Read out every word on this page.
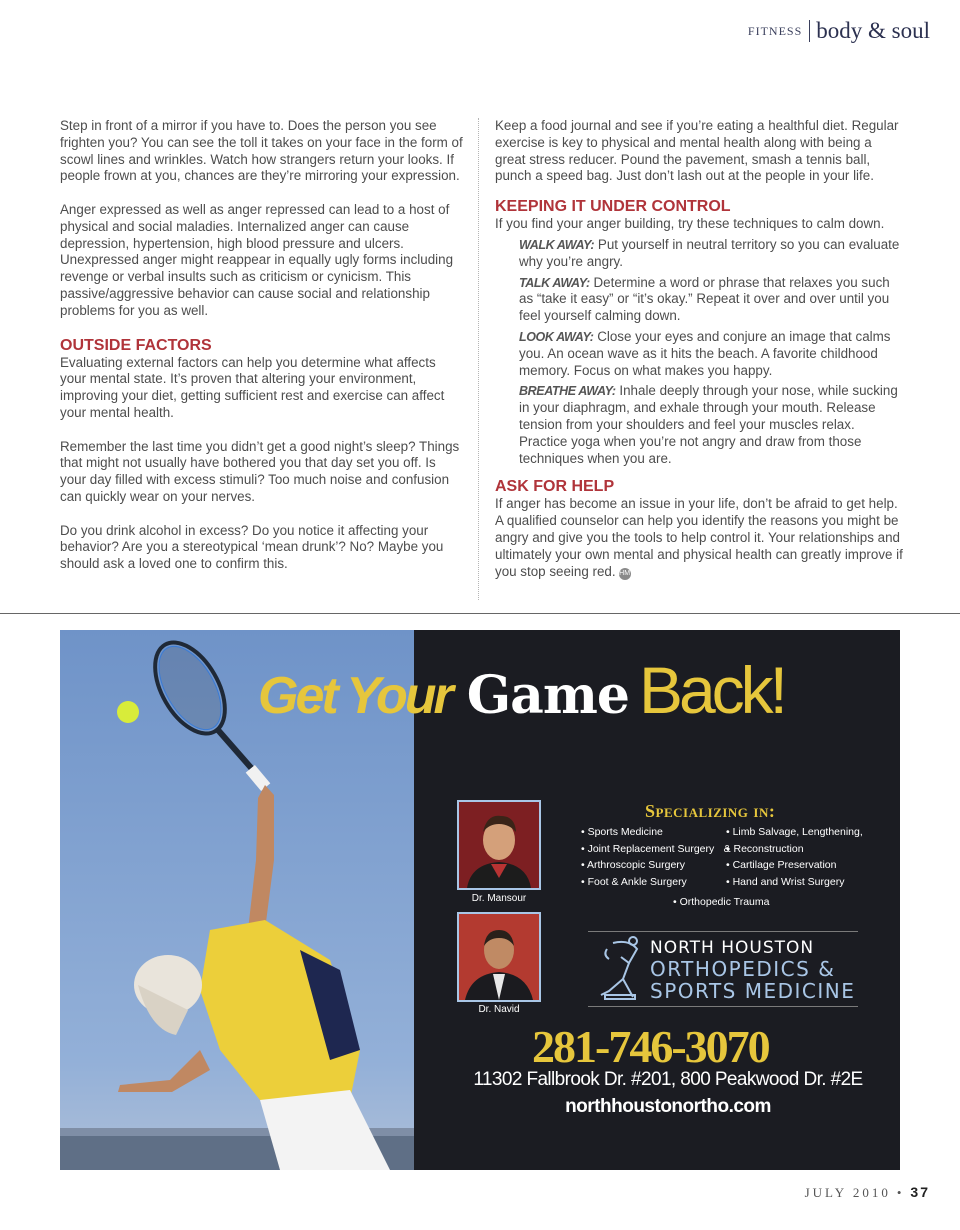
FITNESS body & soul

Step in front of a mirror if you have to. Does the person you see frighten you? You can see the toll it takes on your face in the form of scowl lines and wrinkles. Watch how strangers return your looks. If people frown at you, chances are they’re mirroring your expression.

Anger expressed as well as anger repressed can lead to a host of physical and social maladies. Internalized anger can cause depression, hypertension, high blood pressure and ulcers. Unexpressed anger might reappear in equally ugly forms including revenge or verbal insults such as criticism or cynicism. This passive/aggressive behavior can cause social and relationship problems for you as well.

OUTSIDE FACTORS

Evaluating external factors can help you determine what affects your mental state. It’s proven that altering your environment, improving your diet, getting sufficient rest and exercise can affect your mental health.

Remember the last time you didn’t get a good night’s sleep? Things that might not usually have bothered you that day set you off. Is your day filled with excess stimuli? Too much noise and confusion can quickly wear on your nerves.

Do you drink alcohol in excess? Do you notice it affecting your behavior? Are you a stereotypical ‘mean drunk’? No? Maybe you should ask a loved one to confirm this.

Keep a food journal and see if you’re eating a healthful diet. Regular exercise is key to physical and mental health along with being a great stress reducer. Pound the pavement, smash a tennis ball, punch a speed bag. Just don’t lash out at the people in your life.

KEEPING IT UNDER CONTROL

If you find your anger building, try these techniques to calm down.

WALK AWAY: Put yourself in neutral territory so you can evaluate why you’re angry.

TALK AWAY: Determine a word or phrase that relaxes you such as “take it easy” or “it’s okay.” Repeat it over and over until you feel yourself calming down.

LOOK AWAY: Close your eyes and conjure an image that calms you. An ocean wave as it hits the beach. A favorite childhood memory. Focus on what makes you happy.

BREATHE AWAY: Inhale deeply through your nose, while sucking in your diaphragm, and exhale through your mouth. Release tension from your shoulders and feel your muscles relax. Practice yoga when you’re not angry and draw from those techniques when you are.

ASK FOR HELP

If anger has become an issue in your life, don’t be afraid to get help. A qualified counselor can help you identify the reasons you might be angry and give you the tools to help control it. Your relationships and ultimately your own mental and physical health can greatly improve if you stop seeing red. HM

Get Your Game Back!
Dr. Mansour
Dr. Navid
Specializing in:
• Sports Medicine
• Joint Replacement Surgery
• Arthroscopic Surgery
• Foot & Ankle Surgery
• Limb Salvage, Lengthening,
• & Reconstruction
• Cartilage Preservation
• Hand and Wrist Surgery
• Orthopedic Trauma
NORTH HOUSTON
ORTHOPEDICS &
SPORTS MEDICINE
281-746-3070
11302 Fallbrook Dr. #201, 800 Peakwood Dr. #2E
northhoustonortho.com
JULY 2010 • 37
